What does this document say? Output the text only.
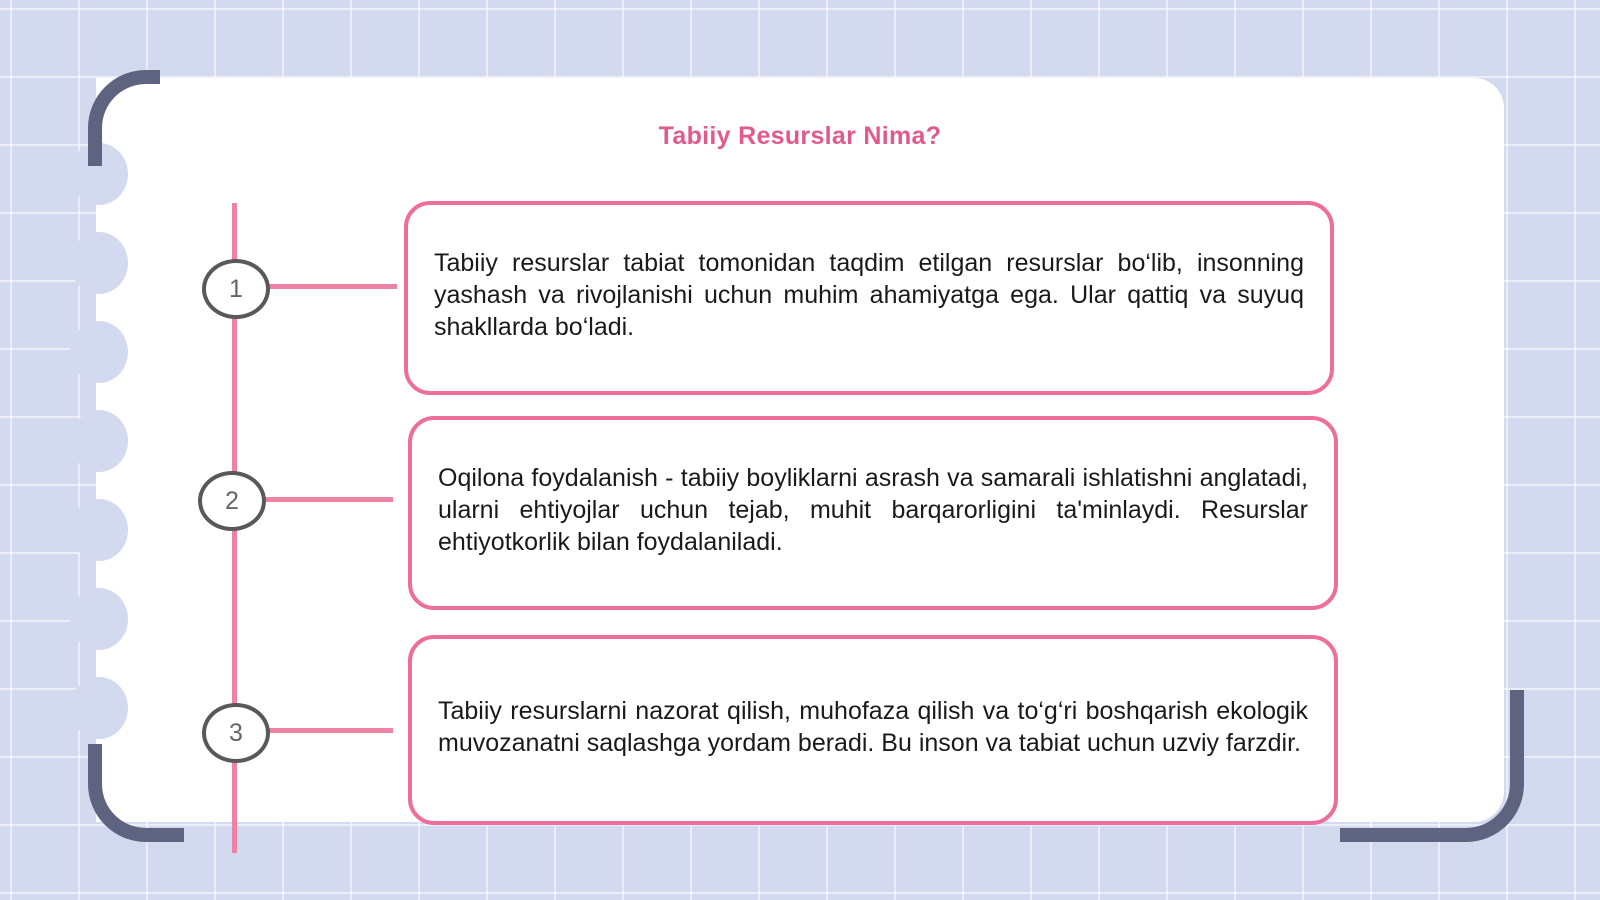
Tabiiy Resurslar Nima?
1
2
3

Tabiiy resurslar tabiat tomonidan taqdim etilgan resurslar bo‘lib, insonning yashash va rivojlanishi uchun muhim ahamiyatga ega. Ular qattiq va suyuq shakllarda bo‘ladi.

Oqilona foydalanish - tabiiy boyliklarni asrash va samarali ishlatishni anglatadi, ularni ehtiyojlar uchun tejab, muhit barqarorligini ta'minlaydi. Resurslar ehtiyotkorlik bilan foydalaniladi.

Tabiiy resurslarni nazorat qilish, muhofaza qilish va to‘g‘ri boshqarish ekologik muvozanatni saqlashga yordam beradi. Bu inson va tabiat uchun uzviy farzdir.
